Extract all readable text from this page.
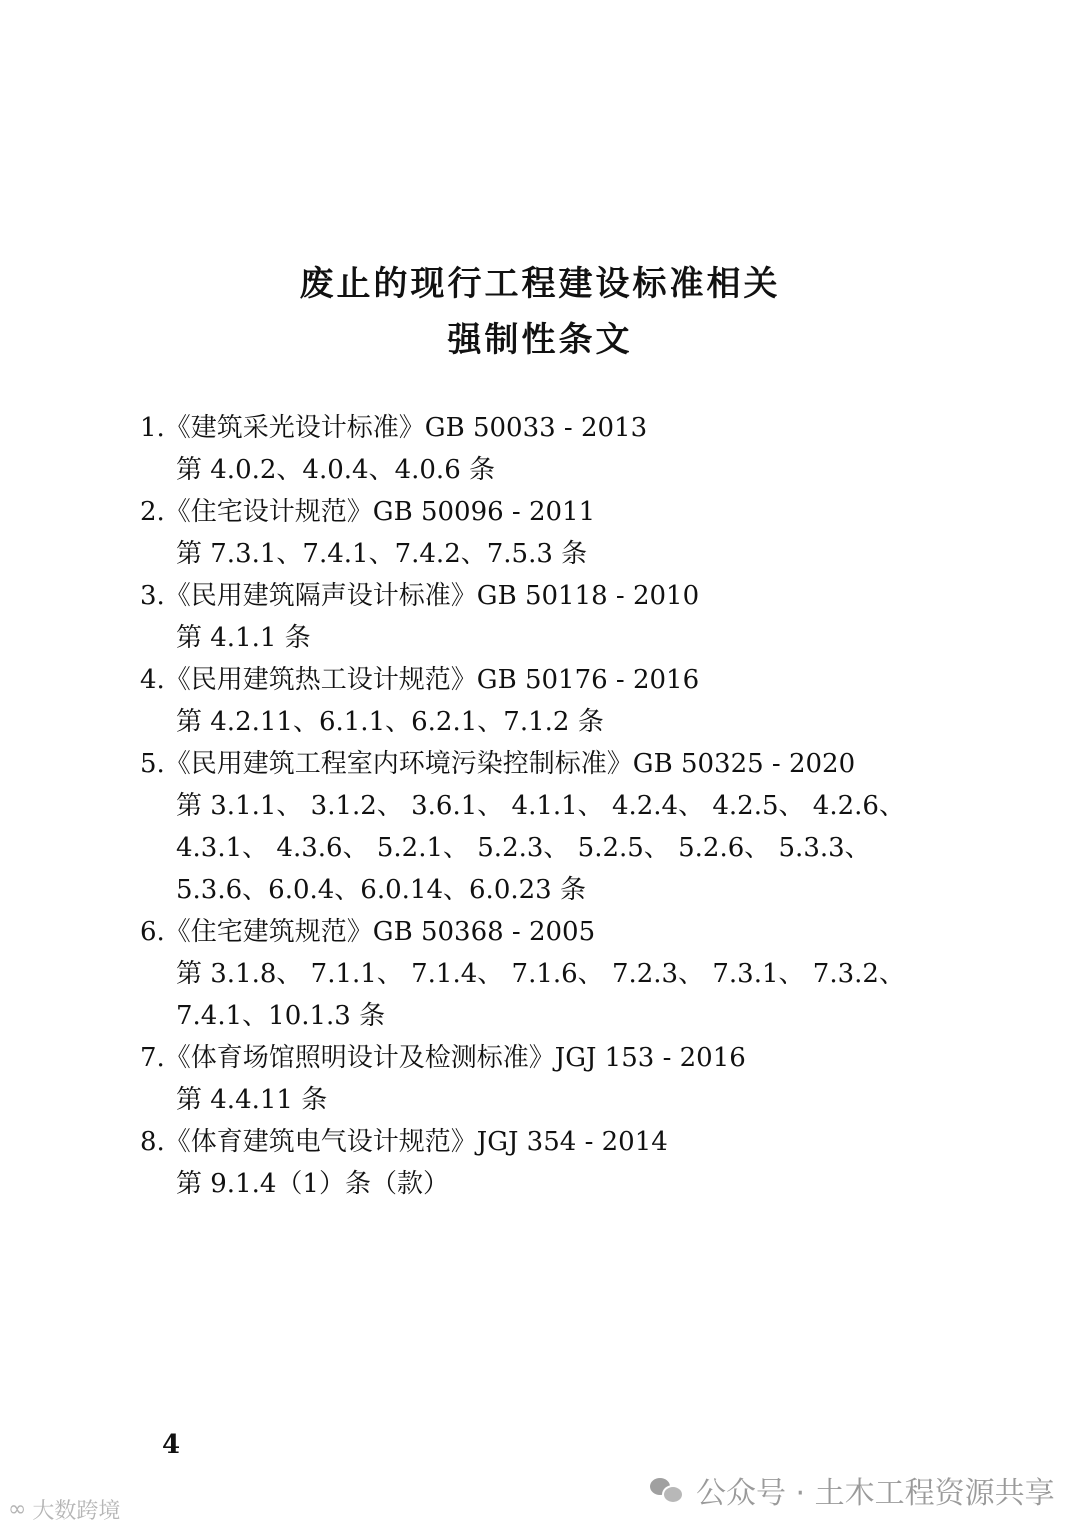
废止的现行工程建设标准相关
强制性条文
1.《建筑采光设计标准》GB 50033 - 2013
第 4.0.2、4.0.4、4.0.6 条
2.《住宅设计规范》GB 50096 - 2011
第 7.3.1、7.4.1、7.4.2、7.5.3 条
3.《民用建筑隔声设计标准》GB 50118 - 2010
第 4.1.1 条
4.《民用建筑热工设计规范》GB 50176 - 2016
第 4.2.11、6.1.1、6.2.1、7.1.2 条
5.《民用建筑工程室内环境污染控制标准》GB 50325 - 2020
第 3.1.1、 3.1.2、 3.6.1、 4.1.1、 4.2.4、 4.2.5、 4.2.6、
4.3.1、 4.3.6、 5.2.1、 5.2.3、 5.2.5、 5.2.6、 5.3.3、
5.3.6、6.0.4、6.0.14、6.0.23 条
6.《住宅建筑规范》GB 50368 - 2005
第 3.1.8、 7.1.1、 7.1.4、 7.1.6、 7.2.3、 7.3.1、 7.3.2、
7.4.1、10.1.3 条
7.《体育场馆照明设计及检测标准》JGJ 153 - 2016
第 4.4.11 条
8.《体育建筑电气设计规范》JGJ 354 - 2014
第 9.1.4（1）条（款）
4
公众号 · 土木工程资源共享
∞ 大数跨境
